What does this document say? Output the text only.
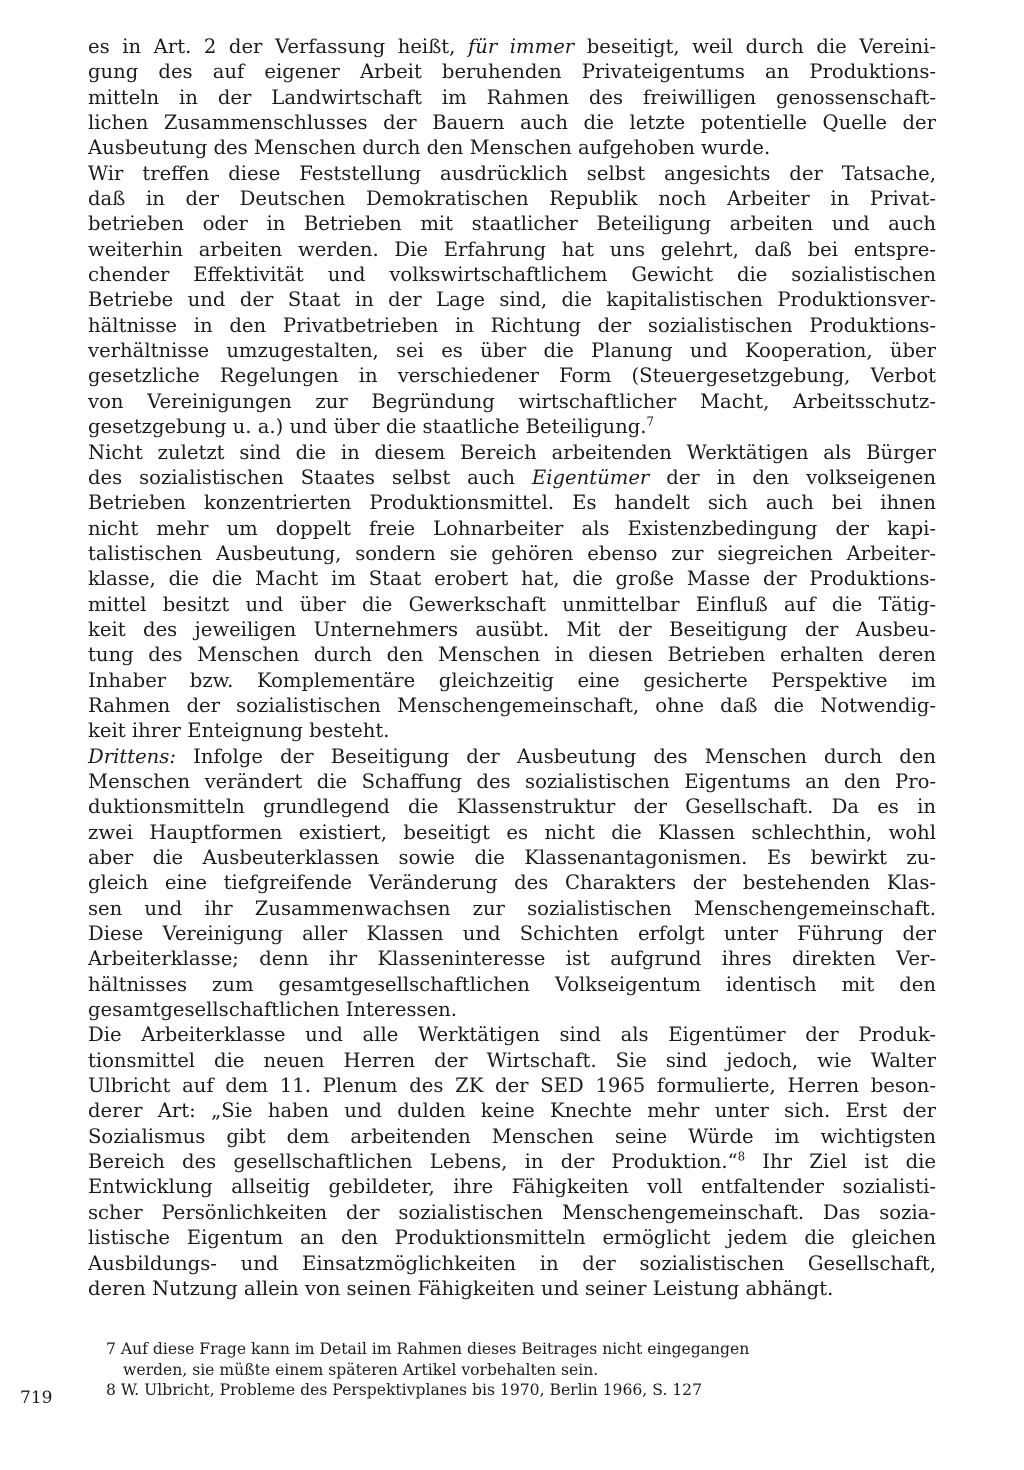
es in Art. 2 der Verfassung heißt, für immer beseitigt, weil durch die Vereini-
gung des auf eigener Arbeit beruhenden Privateigentums an Produktions-
mitteln in der Landwirtschaft im Rahmen des freiwilligen genossenschaft-
lichen Zusammenschlusses der Bauern auch die letzte potentielle Quelle der
Ausbeutung des Menschen durch den Menschen aufgehoben wurde.
Wir treffen diese Feststellung ausdrücklich selbst angesichts der Tatsache,
daß in der Deutschen Demokratischen Republik noch Arbeiter in Privat-
betrieben oder in Betrieben mit staatlicher Beteiligung arbeiten und auch
weiterhin arbeiten werden. Die Erfahrung hat uns gelehrt, daß bei entspre-
chender Effektivität und volkswirtschaftlichem Gewicht die sozialistischen
Betriebe und der Staat in der Lage sind, die kapitalistischen Produktionsver-
hältnisse in den Privatbetrieben in Richtung der sozialistischen Produktions-
verhältnisse umzugestalten, sei es über die Planung und Kooperation, über
gesetzliche Regelungen in verschiedener Form (Steuergesetzgebung, Verbot
von Vereinigungen zur Begründung wirtschaftlicher Macht, Arbeitsschutz-
gesetzgebung u. a.) und über die staatliche Beteiligung.$^7$
Nicht zuletzt sind die in diesem Bereich arbeitenden Werktätigen als Bürger
des sozialistischen Staates selbst auch Eigentümer der in den volkseigenen
Betrieben konzentrierten Produktionsmittel. Es handelt sich auch bei ihnen
nicht mehr um doppelt freie Lohnarbeiter als Existenzbedingung der kapi-
talistischen Ausbeutung, sondern sie gehören ebenso zur siegreichen Arbeiter-
klasse, die die Macht im Staat erobert hat, die große Masse der Produktions-
mittel besitzt und über die Gewerkschaft unmittelbar Einfluß auf die Tätig-
keit des jeweiligen Unternehmers ausübt. Mit der Beseitigung der Ausbeu-
tung des Menschen durch den Menschen in diesen Betrieben erhalten deren
Inhaber bzw. Komplementäre gleichzeitig eine gesicherte Perspektive im
Rahmen der sozialistischen Menschengemeinschaft, ohne daß die Notwendig-
keit ihrer Enteignung besteht.
Drittens: Infolge der Beseitigung der Ausbeutung des Menschen durch den
Menschen verändert die Schaffung des sozialistischen Eigentums an den Pro-
duktionsmitteln grundlegend die Klassenstruktur der Gesellschaft. Da es in
zwei Hauptformen existiert, beseitigt es nicht die Klassen schlechthin, wohl
aber die Ausbeuterklassen sowie die Klassenantagonismen. Es bewirkt zu-
gleich eine tiefgreifende Veränderung des Charakters der bestehenden Klas-
sen und ihr Zusammenwachsen zur sozialistischen Menschengemeinschaft.
Diese Vereinigung aller Klassen und Schichten erfolgt unter Führung der
Arbeiterklasse; denn ihr Klasseninteresse ist aufgrund ihres direkten Ver-
hältnisses zum gesamtgesellschaftlichen Volkseigentum identisch mit den
gesamtgesellschaftlichen Interessen.
Die Arbeiterklasse und alle Werktätigen sind als Eigentümer der Produk-
tionsmittel die neuen Herren der Wirtschaft. Sie sind jedoch, wie Walter
Ulbricht auf dem 11. Plenum des ZK der SED 1965 formulierte, Herren beson-
derer Art: „Sie haben und dulden keine Knechte mehr unter sich. Erst der
Sozialismus gibt dem arbeitenden Menschen seine Würde im wichtigsten
Bereich des gesellschaftlichen Lebens, in der Produktion.“$^8$ Ihr Ziel ist die
Entwicklung allseitig gebildeter, ihre Fähigkeiten voll entfaltender sozialisti-
scher Persönlichkeiten der sozialistischen Menschengemeinschaft. Das sozia-
listische Eigentum an den Produktionsmitteln ermöglicht jedem die gleichen
Ausbildungs- und Einsatzmöglichkeiten in der sozialistischen Gesellschaft,
deren Nutzung allein von seinen Fähigkeiten und seiner Leistung abhängt.
7 Auf diese Frage kann im Detail im Rahmen dieses Beitrages nicht eingegangen
werden, sie müßte einem späteren Artikel vorbehalten sein.
8 W. Ulbricht, Probleme des Perspektivplanes bis 1970, Berlin 1966, S. 127
719
